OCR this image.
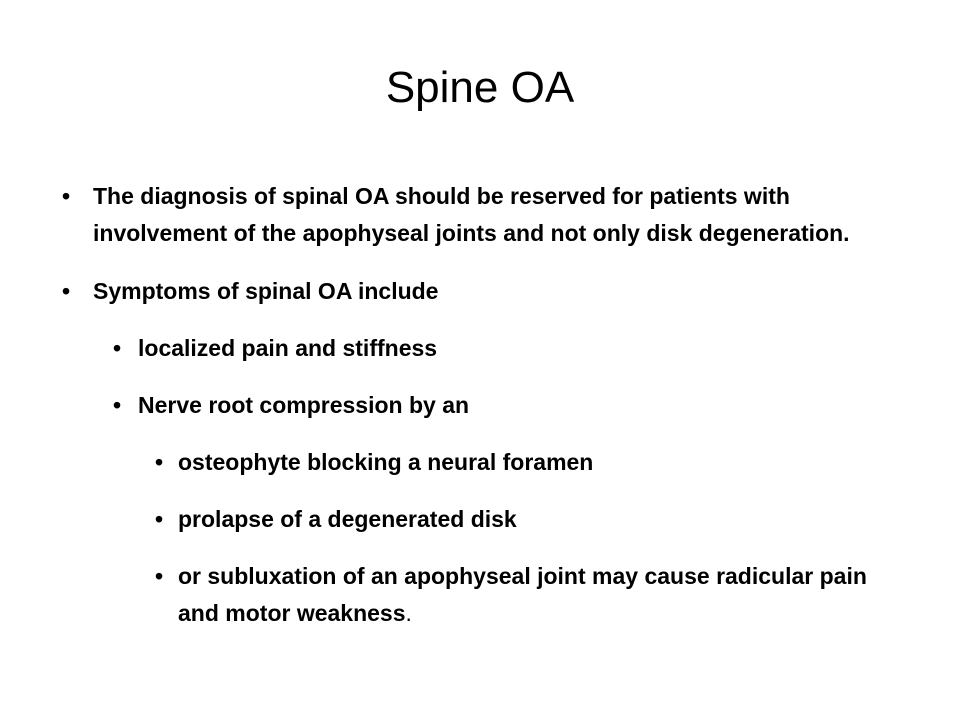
Spine OA
• The diagnosis of spinal OA should be reserved for patients with involvement of the apophyseal joints and not only disk degeneration.
• Symptoms of spinal OA include
• localized pain and stiffness
• Nerve root compression by an
• osteophyte blocking a neural foramen
• prolapse of a degenerated disk
• or subluxation of an apophyseal joint may cause radicular pain and motor weakness.
